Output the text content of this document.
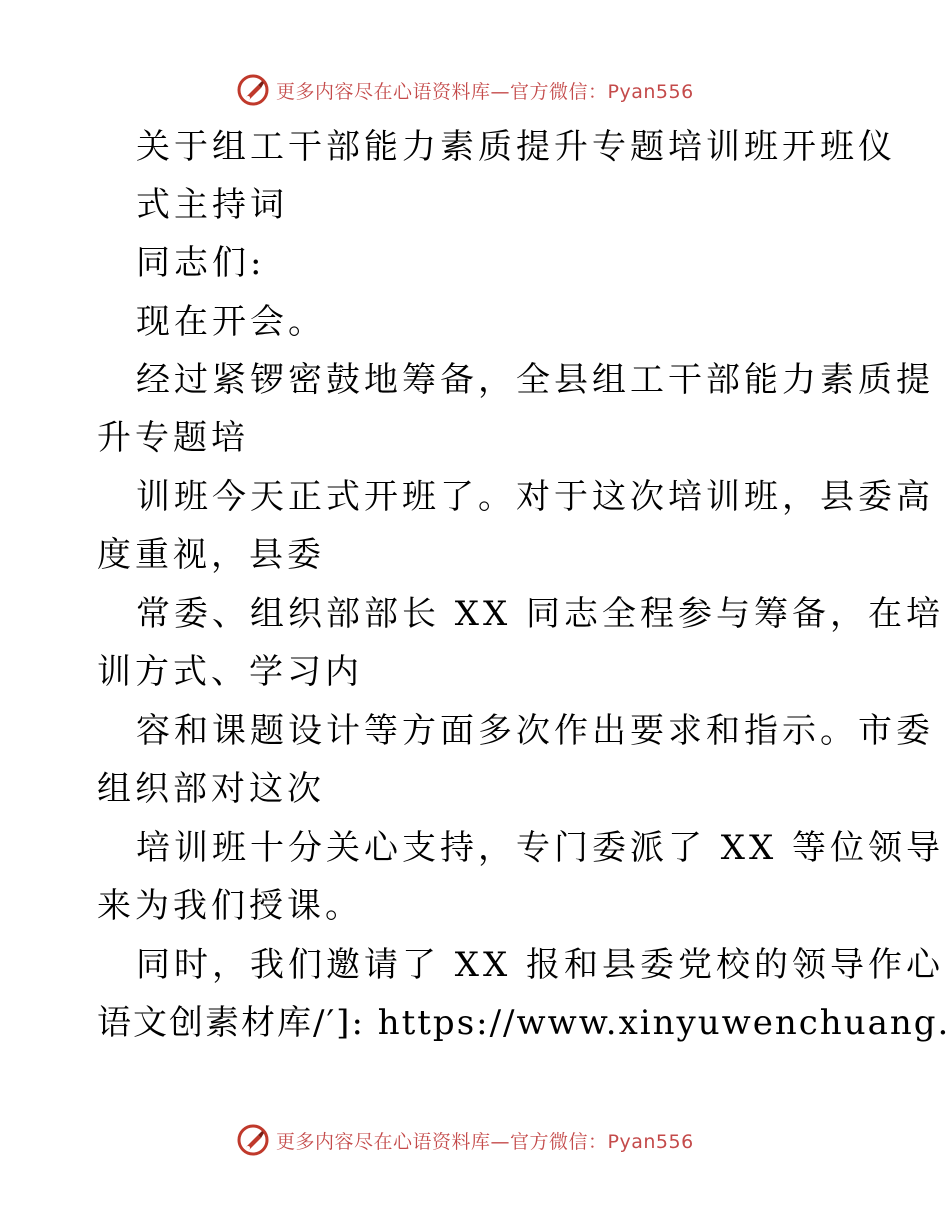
更多内容尽在心语资料库—官方微信：Pyan556
关于组工干部能力素质提升专题培训班开班仪
式主持词
同志们:
现在开会。
经过紧锣密鼓地筹备，全县组工干部能力素质提
升专题培
训班今天正式开班了。对于这次培训班，县委高
度重视，县委
常委、组织部部长 XX 同志全程参与筹备，在培
训方式、学习内
容和课题设计等方面多次作出要求和指示。市委
组织部对这次
培训班十分关心支持，专门委派了 XX 等位领导
来为我们授课。
同时，我们邀请了 XX 报和县委党校的领导作心
语文创素材库/′]: https://www.xinyuwenchuang.
更多内容尽在心语资料库—官方微信：Pyan556
